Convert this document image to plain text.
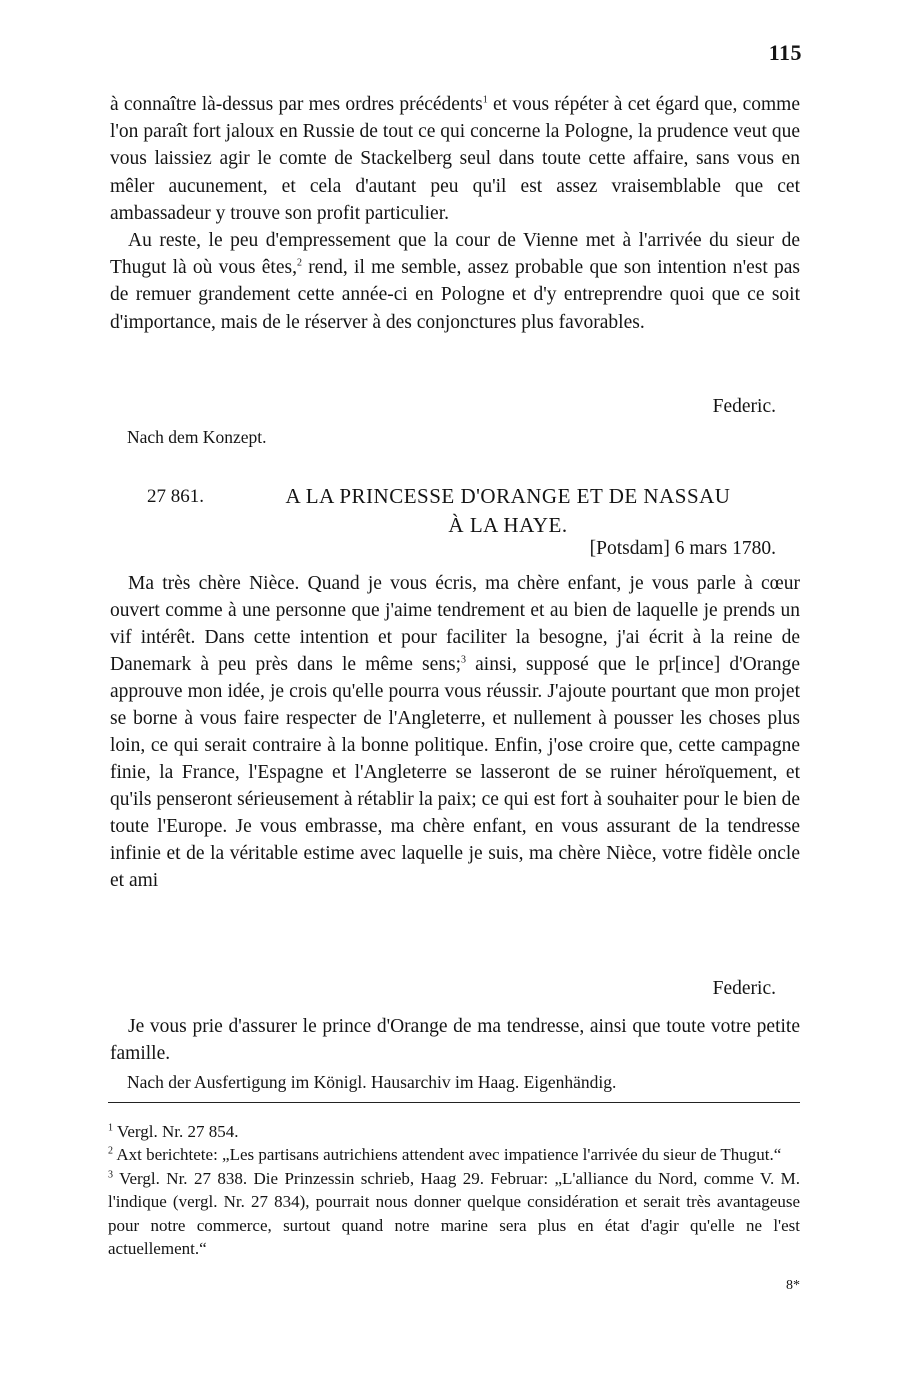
115

à connaître là-dessus par mes ordres précédents$^1$ et vous répéter à cet égard que, comme l'on paraît fort jaloux en Russie de tout ce qui concerne la Pologne, la prudence veut que vous laissiez agir le comte de Stackelberg seul dans toute cette affaire, sans vous en mêler aucunement, et cela d'autant peu qu'il est assez vraisemblable que cet ambassadeur y trouve son profit particulier.

Au reste, le peu d'empressement que la cour de Vienne met à l'arrivée du sieur de Thugut là où vous êtes,$^2$ rend, il me semble, assez probable que son intention n'est pas de remuer grandement cette année-ci en Pologne et d'y entreprendre quoi que ce soit d'importance, mais de le réserver à des conjonctures plus favorables.

Federic.
Nach dem Konzept.
27 861.	A LA PRINCESSE D'ORANGE ET DE NASSAU
À LA HAYE.
[Potsdam] 6 mars 1780.

Ma très chère Nièce. Quand je vous écris, ma chère enfant, je vous parle à cœur ouvert comme à une personne que j'aime tendrement et au bien de laquelle je prends un vif intérêt. Dans cette intention et pour faciliter la besogne, j'ai écrit à la reine de Danemark à peu près dans le même sens;$^3$ ainsi, supposé que le pr[ince] d'Orange approuve mon idée, je crois qu'elle pourra vous réussir. J'ajoute pourtant que mon projet se borne à vous faire respecter de l'Angleterre, et nullement à pousser les choses plus loin, ce qui serait contraire à la bonne politique. Enfin, j'ose croire que, cette campagne finie, la France, l'Espagne et l'Angleterre se lasseront de se ruiner héroïquement, et qu'ils penseront sérieusement à rétablir la paix; ce qui est fort à souhaiter pour le bien de toute l'Europe. Je vous embrasse, ma chère enfant, en vous assurant de la tendresse infinie et de la véritable estime avec laquelle je suis, ma chère Nièce, votre fidèle oncle et ami

Federic.

Je vous prie d'assurer le prince d'Orange de ma tendresse, ainsi que toute votre petite famille.

Nach der Ausfertigung im Königl. Hausarchiv im Haag. Eigenhändig.

$^1$ Vergl. Nr. 27 854.

$^2$ Axt berichtete: „Les partisans autrichiens attendent avec impatience l'arrivée du sieur de Thugut.“

$^3$ Vergl. Nr. 27 838. Die Prinzessin schrieb, Haag 29. Februar: „L'alliance du Nord, comme V. M. l'indique (vergl. Nr. 27 834), pourrait nous donner quelque considération et serait très avantageuse pour notre commerce, surtout quand notre marine sera plus en état d'agir qu'elle ne l'est actuellement.“

8*
